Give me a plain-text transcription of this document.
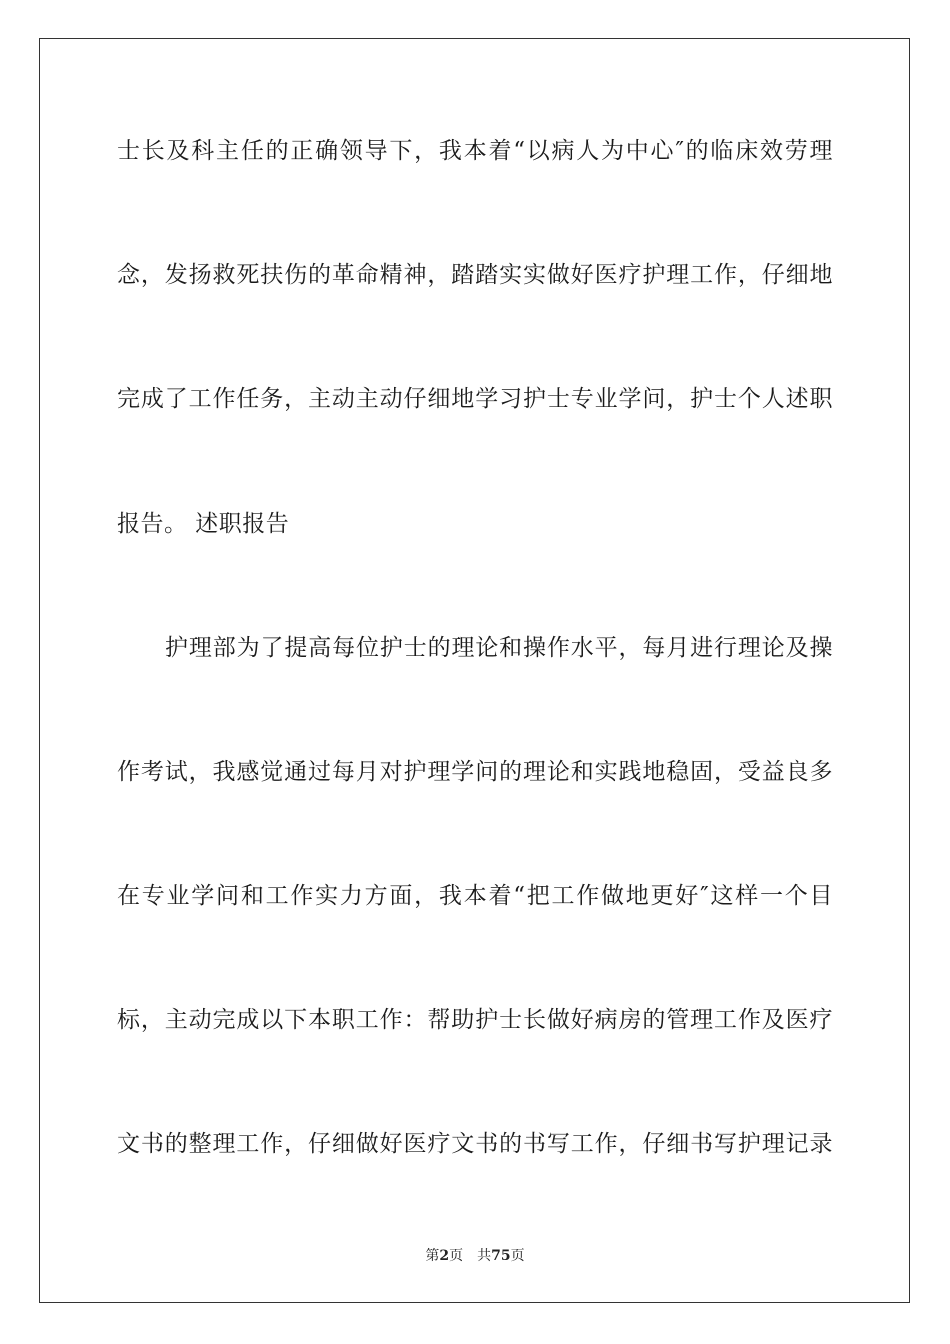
士长及科主任的正确领导下，我本着“以病人为中心″的临床效劳理
念，发扬救死扶伤的革命精神，踏踏实实做好医疗护理工作，仔细地
完成了工作任务，主动主动仔细地学习护士专业学问，护士个人述职
报告。 述职报告
护理部为了提高每位护士的理论和操作水平，每月进行理论及操
作考试，我感觉通过每月对护理学问的理论和实践地稳固，受益良多
在专业学问和工作实力方面，我本着“把工作做地更好″这样一个目
标，主动完成以下本职工作：帮助护士长做好病房的管理工作及医疗
文书的整理工作，仔细做好医疗文书的书写工作，仔细书写护理记录
第2页 共75页
